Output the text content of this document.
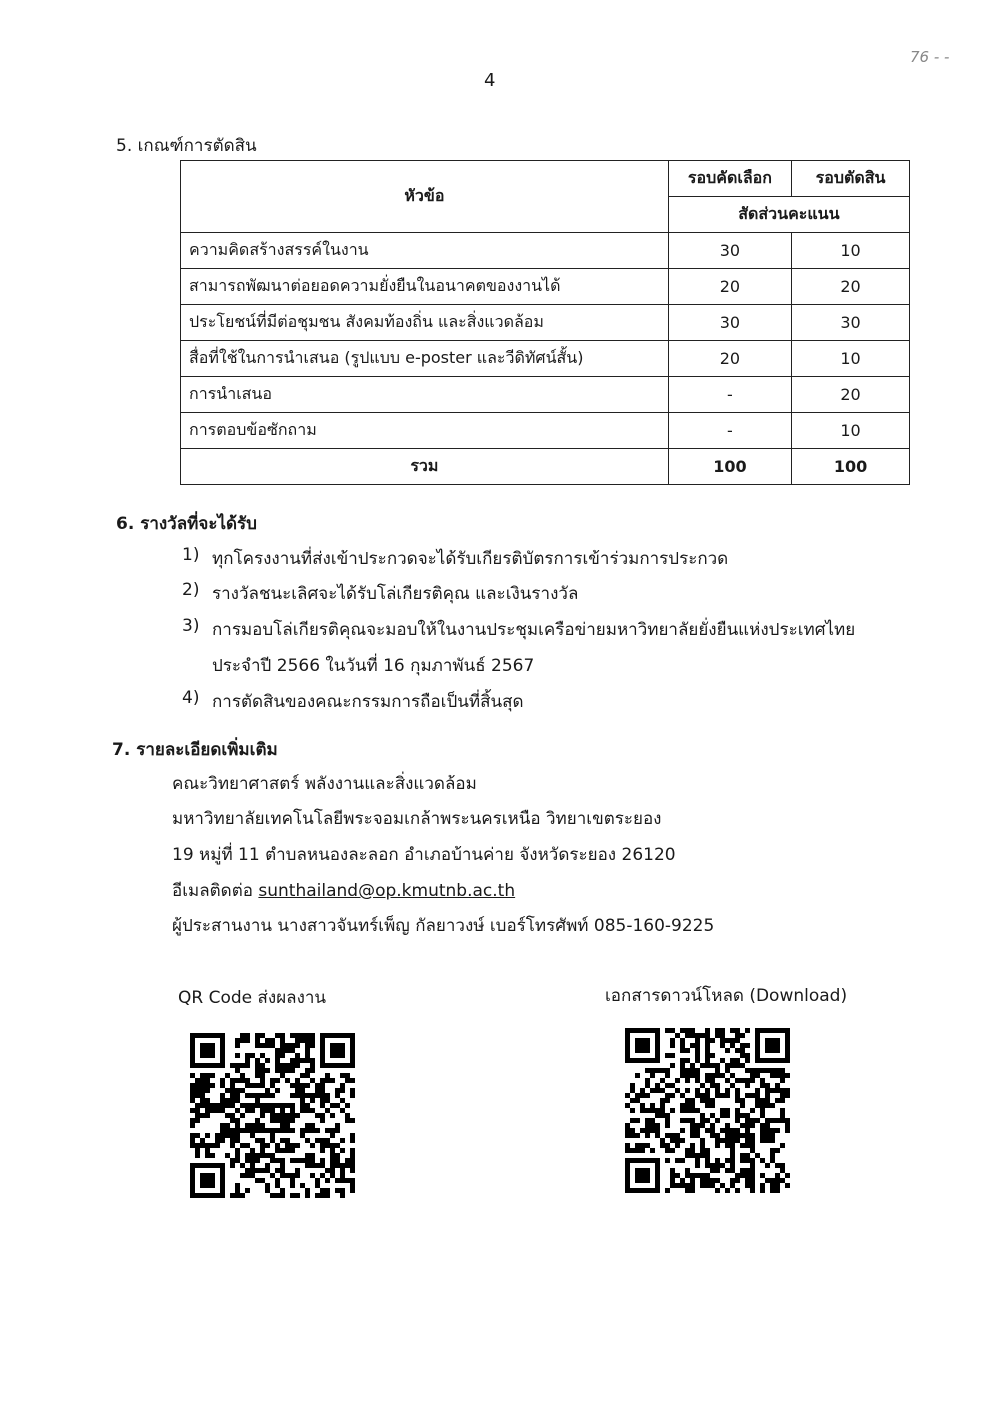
4
76 - -
5. เกณฑ์การตัดสิน
หัวข้อ	รอบคัดเลือก	รอบตัดสิน
	สัดส่วนคะแนน	
ความคิดสร้างสรรค์ในงาน	30	10
สามารถพัฒนาต่อยอดความยั่งยืนในอนาคตของงานได้	20	20
ประโยชน์ที่มีต่อชุมชน สังคมท้องถิ่น และสิ่งแวดล้อม	30	30
สื่อที่ใช้ในการนำเสนอ (รูปแบบ e-poster และวีดิทัศน์สั้น)	20	10
การนำเสนอ	-	20
การตอบข้อซักถาม	-	10
รวม	100	100
6. รางวัลที่จะได้รับ
1) ทุกโครงงานที่ส่งเข้าประกวดจะได้รับเกียรติบัตรการเข้าร่วมการประกวด
2) รางวัลชนะเลิศจะได้รับโล่เกียรติคุณ และเงินรางวัล
3) การมอบโล่เกียรติคุณจะมอบให้ในงานประชุมเครือข่ายมหาวิทยาลัยยั่งยืนแห่งประเทศไทย
ประจำปี 2566 ในวันที่ 16 กุมภาพันธ์ 2567
4) การตัดสินของคณะกรรมการถือเป็นที่สิ้นสุด
7. รายละเอียดเพิ่มเติม
คณะวิทยาศาสตร์ พลังงานและสิ่งแวดล้อม
มหาวิทยาลัยเทคโนโลยีพระจอมเกล้าพระนครเหนือ วิทยาเขตระยอง
19 หมู่ที่ 11 ตำบลหนองละลอก อำเภอบ้านค่าย จังหวัดระยอง 26120
อีเมลติดต่อ sunthailand@op.kmutnb.ac.th
ผู้ประสานงาน นางสาวจันทร์เพ็ญ กัลยาวงษ์ เบอร์โทรศัพท์ 085-160-9225
QR Code ส่งผลงาน	เอกสารดาวน์โหลด (Download)
